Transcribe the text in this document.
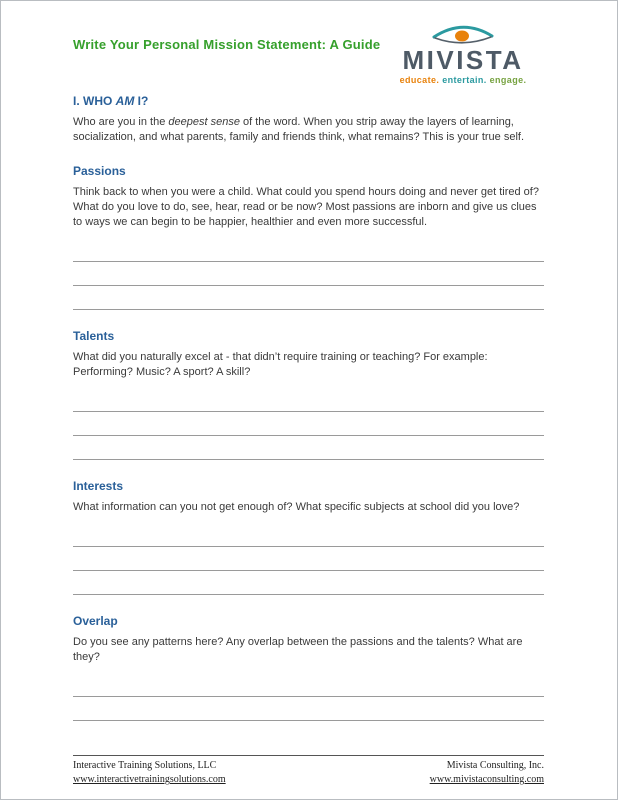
Write Your Personal Mission Statement: A Guide
MIVISTA
educate. entertain. engage.
I. WHO AM I?

Who are you in the deepest sense of the word. When you strip away the layers of learning, socialization, and what parents, family and friends think, what remains? This is your true self.

Passions

Think back to when you were a child. What could you spend hours doing and never get tired of? What do you love to do, see, hear, read or be now? Most passions are inborn and give us clues to ways we can begin to be happier, healthier and even more successful.

Talents

What did you naturally excel at - that didn’t require training or teaching? For example: Performing? Music? A sport? A skill?

Interests

What information can you not get enough of? What specific subjects at school did you love?

Overlap

Do you see any patterns here? Any overlap between the passions and the talents? What are they?

Interactive Training Solutions, LLC
www.interactivetrainingsolutions.com
Mivista Consulting, Inc.
www.mivistaconsulting.com
